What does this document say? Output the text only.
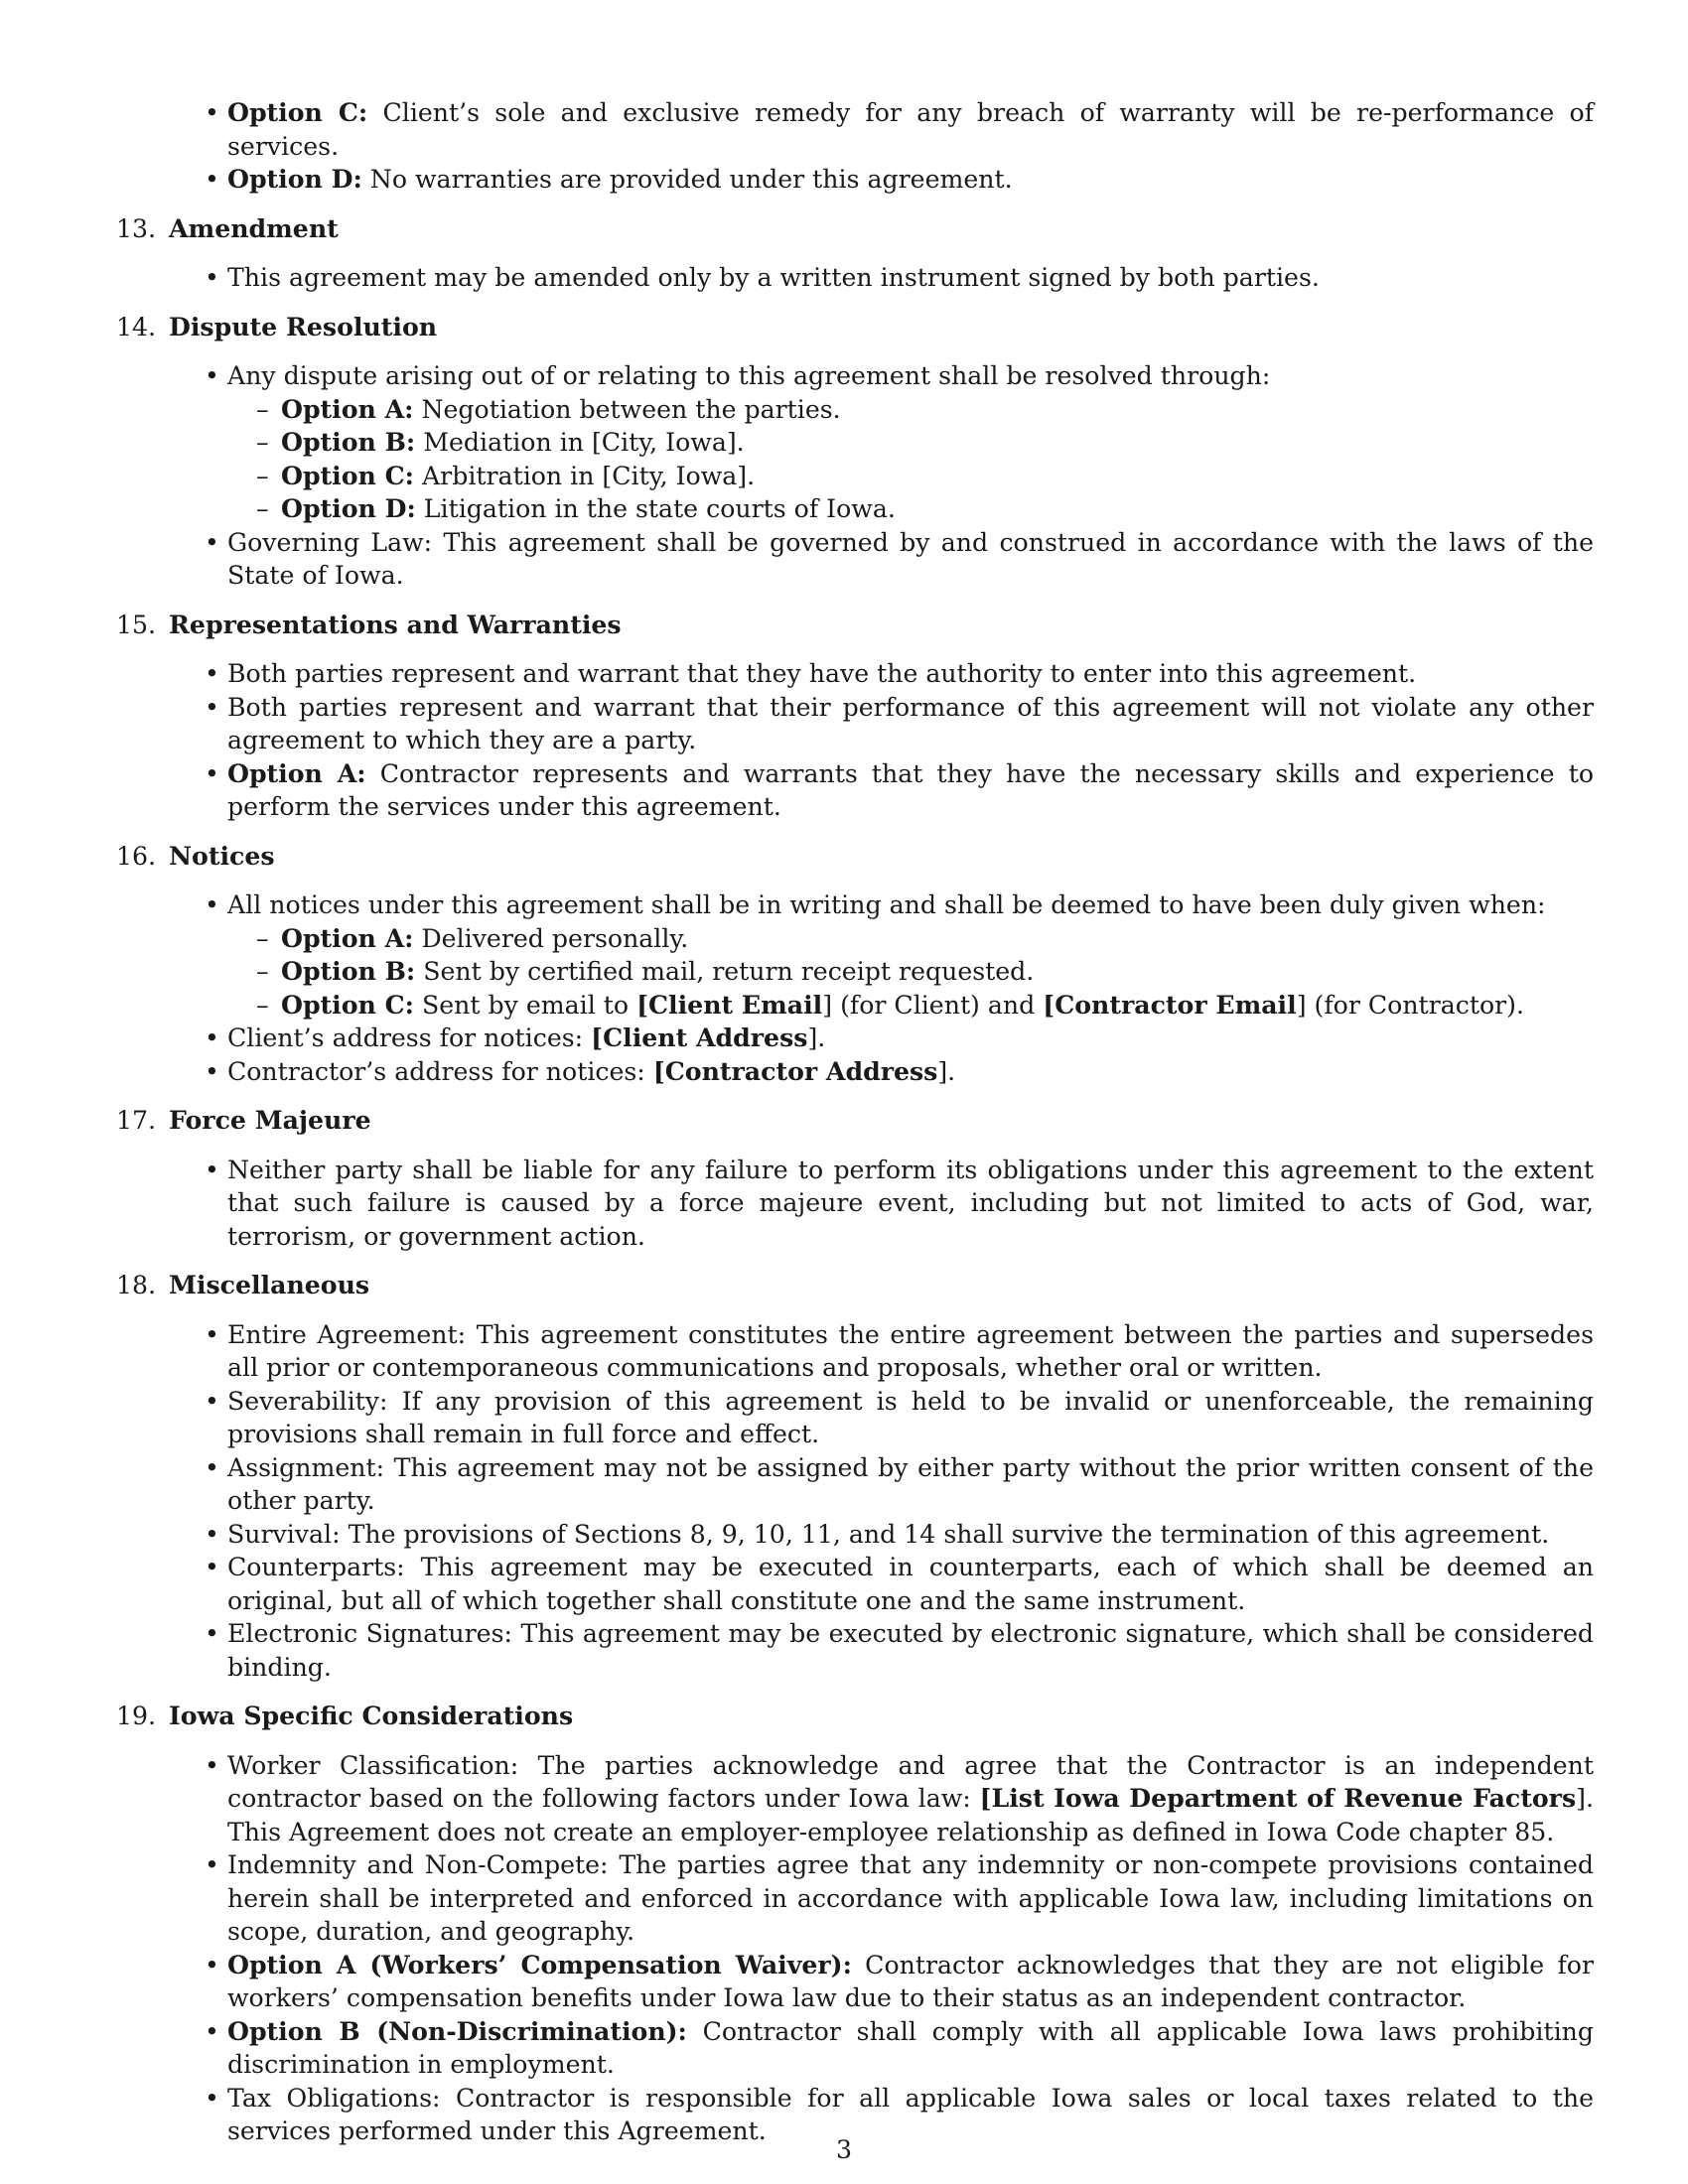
• Option C: Client’s sole and exclusive remedy for any breach of warranty will be re-performance of services.
• Option D: No warranties are provided under this agreement.
13. Amendment
• This agreement may be amended only by a written instrument signed by both parties.
14. Dispute Resolution
• Any dispute arising out of or relating to this agreement shall be resolved through:
– Option A: Negotiation between the parties.
– Option B: Mediation in [City, Iowa].
– Option C: Arbitration in [City, Iowa].
– Option D: Litigation in the state courts of Iowa.
• Governing Law: This agreement shall be governed by and construed in accordance with the laws of the State of Iowa.
15. Representations and Warranties
• Both parties represent and warrant that they have the authority to enter into this agreement.
• Both parties represent and warrant that their performance of this agreement will not violate any other agreement to which they are a party.
• Option A: Contractor represents and warrants that they have the necessary skills and experience to perform the services under this agreement.
16. Notices
• All notices under this agreement shall be in writing and shall be deemed to have been duly given when:
– Option A: Delivered personally.
– Option B: Sent by certified mail, return receipt requested.
– Option C: Sent by email to [Client Email] (for Client) and [Contractor Email] (for Contractor).
• Client’s address for notices: [Client Address].
• Contractor’s address for notices: [Contractor Address].
17. Force Majeure
• Neither party shall be liable for any failure to perform its obligations under this agreement to the extent that such failure is caused by a force majeure event, including but not limited to acts of God, war, terrorism, or government action.
18. Miscellaneous
• Entire Agreement: This agreement constitutes the entire agreement between the parties and supersedes all prior or contemporaneous communications and proposals, whether oral or written.
• Severability: If any provision of this agreement is held to be invalid or unenforceable, the remaining provisions shall remain in full force and effect.
• Assignment: This agreement may not be assigned by either party without the prior written consent of the other party.
• Survival: The provisions of Sections 8, 9, 10, 11, and 14 shall survive the termination of this agreement.
• Counterparts: This agreement may be executed in counterparts, each of which shall be deemed an original, but all of which together shall constitute one and the same instrument.
• Electronic Signatures: This agreement may be executed by electronic signature, which shall be considered binding.
19. Iowa Specific Considerations
• Worker Classification: The parties acknowledge and agree that the Contractor is an independent contractor based on the following factors under Iowa law: [List Iowa Department of Revenue Factors]. This Agreement does not create an employer-employee relationship as defined in Iowa Code chapter 85.
• Indemnity and Non-Compete: The parties agree that any indemnity or non-compete provisions contained herein shall be interpreted and enforced in accordance with applicable Iowa law, including limitations on scope, duration, and geography.
• Option A (Workers’ Compensation Waiver): Contractor acknowledges that they are not eligible for workers’ compensation benefits under Iowa law due to their status as an independent contractor.
• Option B (Non-Discrimination): Contractor shall comply with all applicable Iowa laws prohibiting discrimination in employment.
• Tax Obligations: Contractor is responsible for all applicable Iowa sales or local taxes related to the services performed under this Agreement.
3
